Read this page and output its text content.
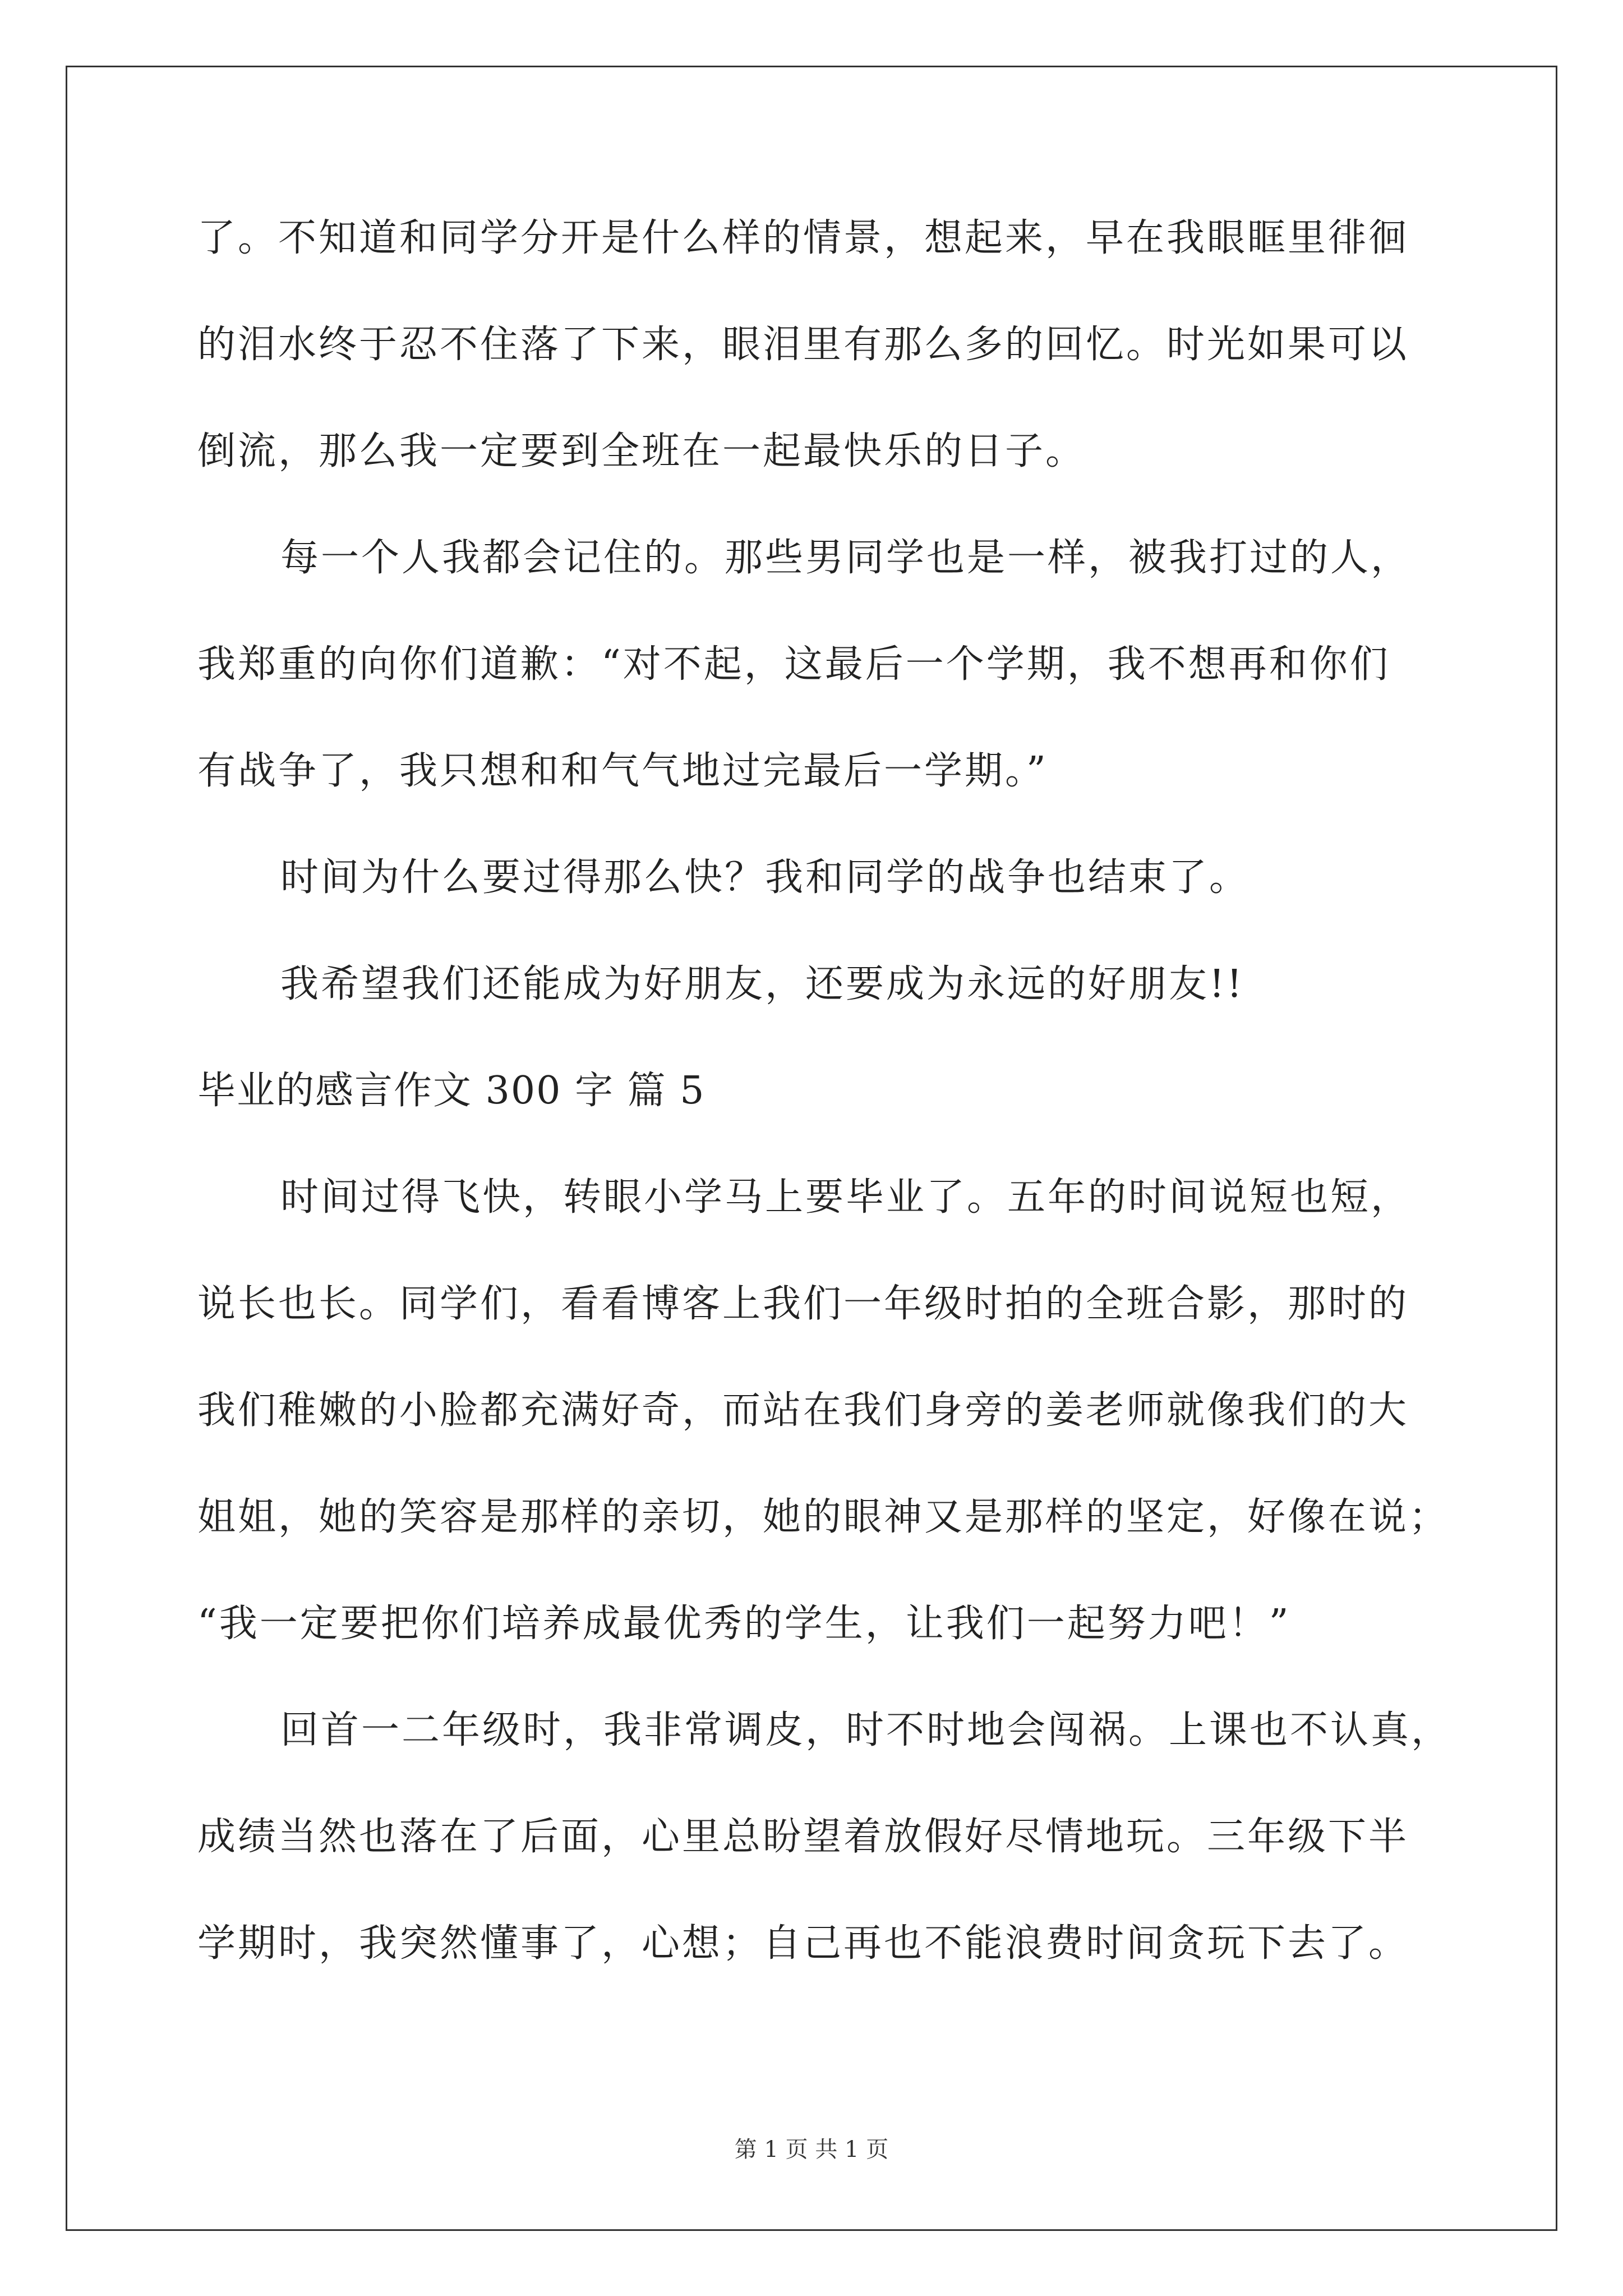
了。不知道和同学分开是什么样的情景，想起来，早在我眼眶里徘徊
的泪水终于忍不住落了下来，眼泪里有那么多的回忆。时光如果可以
倒流，那么我一定要到全班在一起最快乐的日子。
每一个人我都会记住的。那些男同学也是一样，被我打过的人，
我郑重的向你们道歉：“对不起，这最后一个学期，我不想再和你们
有战争了，我只想和和气气地过完最后一学期。”
时间为什么要过得那么快？我和同学的战争也结束了。
我希望我们还能成为好朋友，还要成为永远的好朋友!!
毕业的感言作文 300 字 篇 5
时间过得飞快，转眼小学马上要毕业了。五年的时间说短也短，
说长也长。同学们，看看博客上我们一年级时拍的全班合影，那时的
我们稚嫩的小脸都充满好奇，而站在我们身旁的姜老师就像我们的大
姐姐，她的笑容是那样的亲切，她的眼神又是那样的坚定，好像在说；
“我一定要把你们培养成最优秀的学生，让我们一起努力吧！”
回首一二年级时，我非常调皮，时不时地会闯祸。上课也不认真，
成绩当然也落在了后面，心里总盼望着放假好尽情地玩。三年级下半
学期时，我突然懂事了，心想；自己再也不能浪费时间贪玩下去了。
第 1 页 共 1 页
